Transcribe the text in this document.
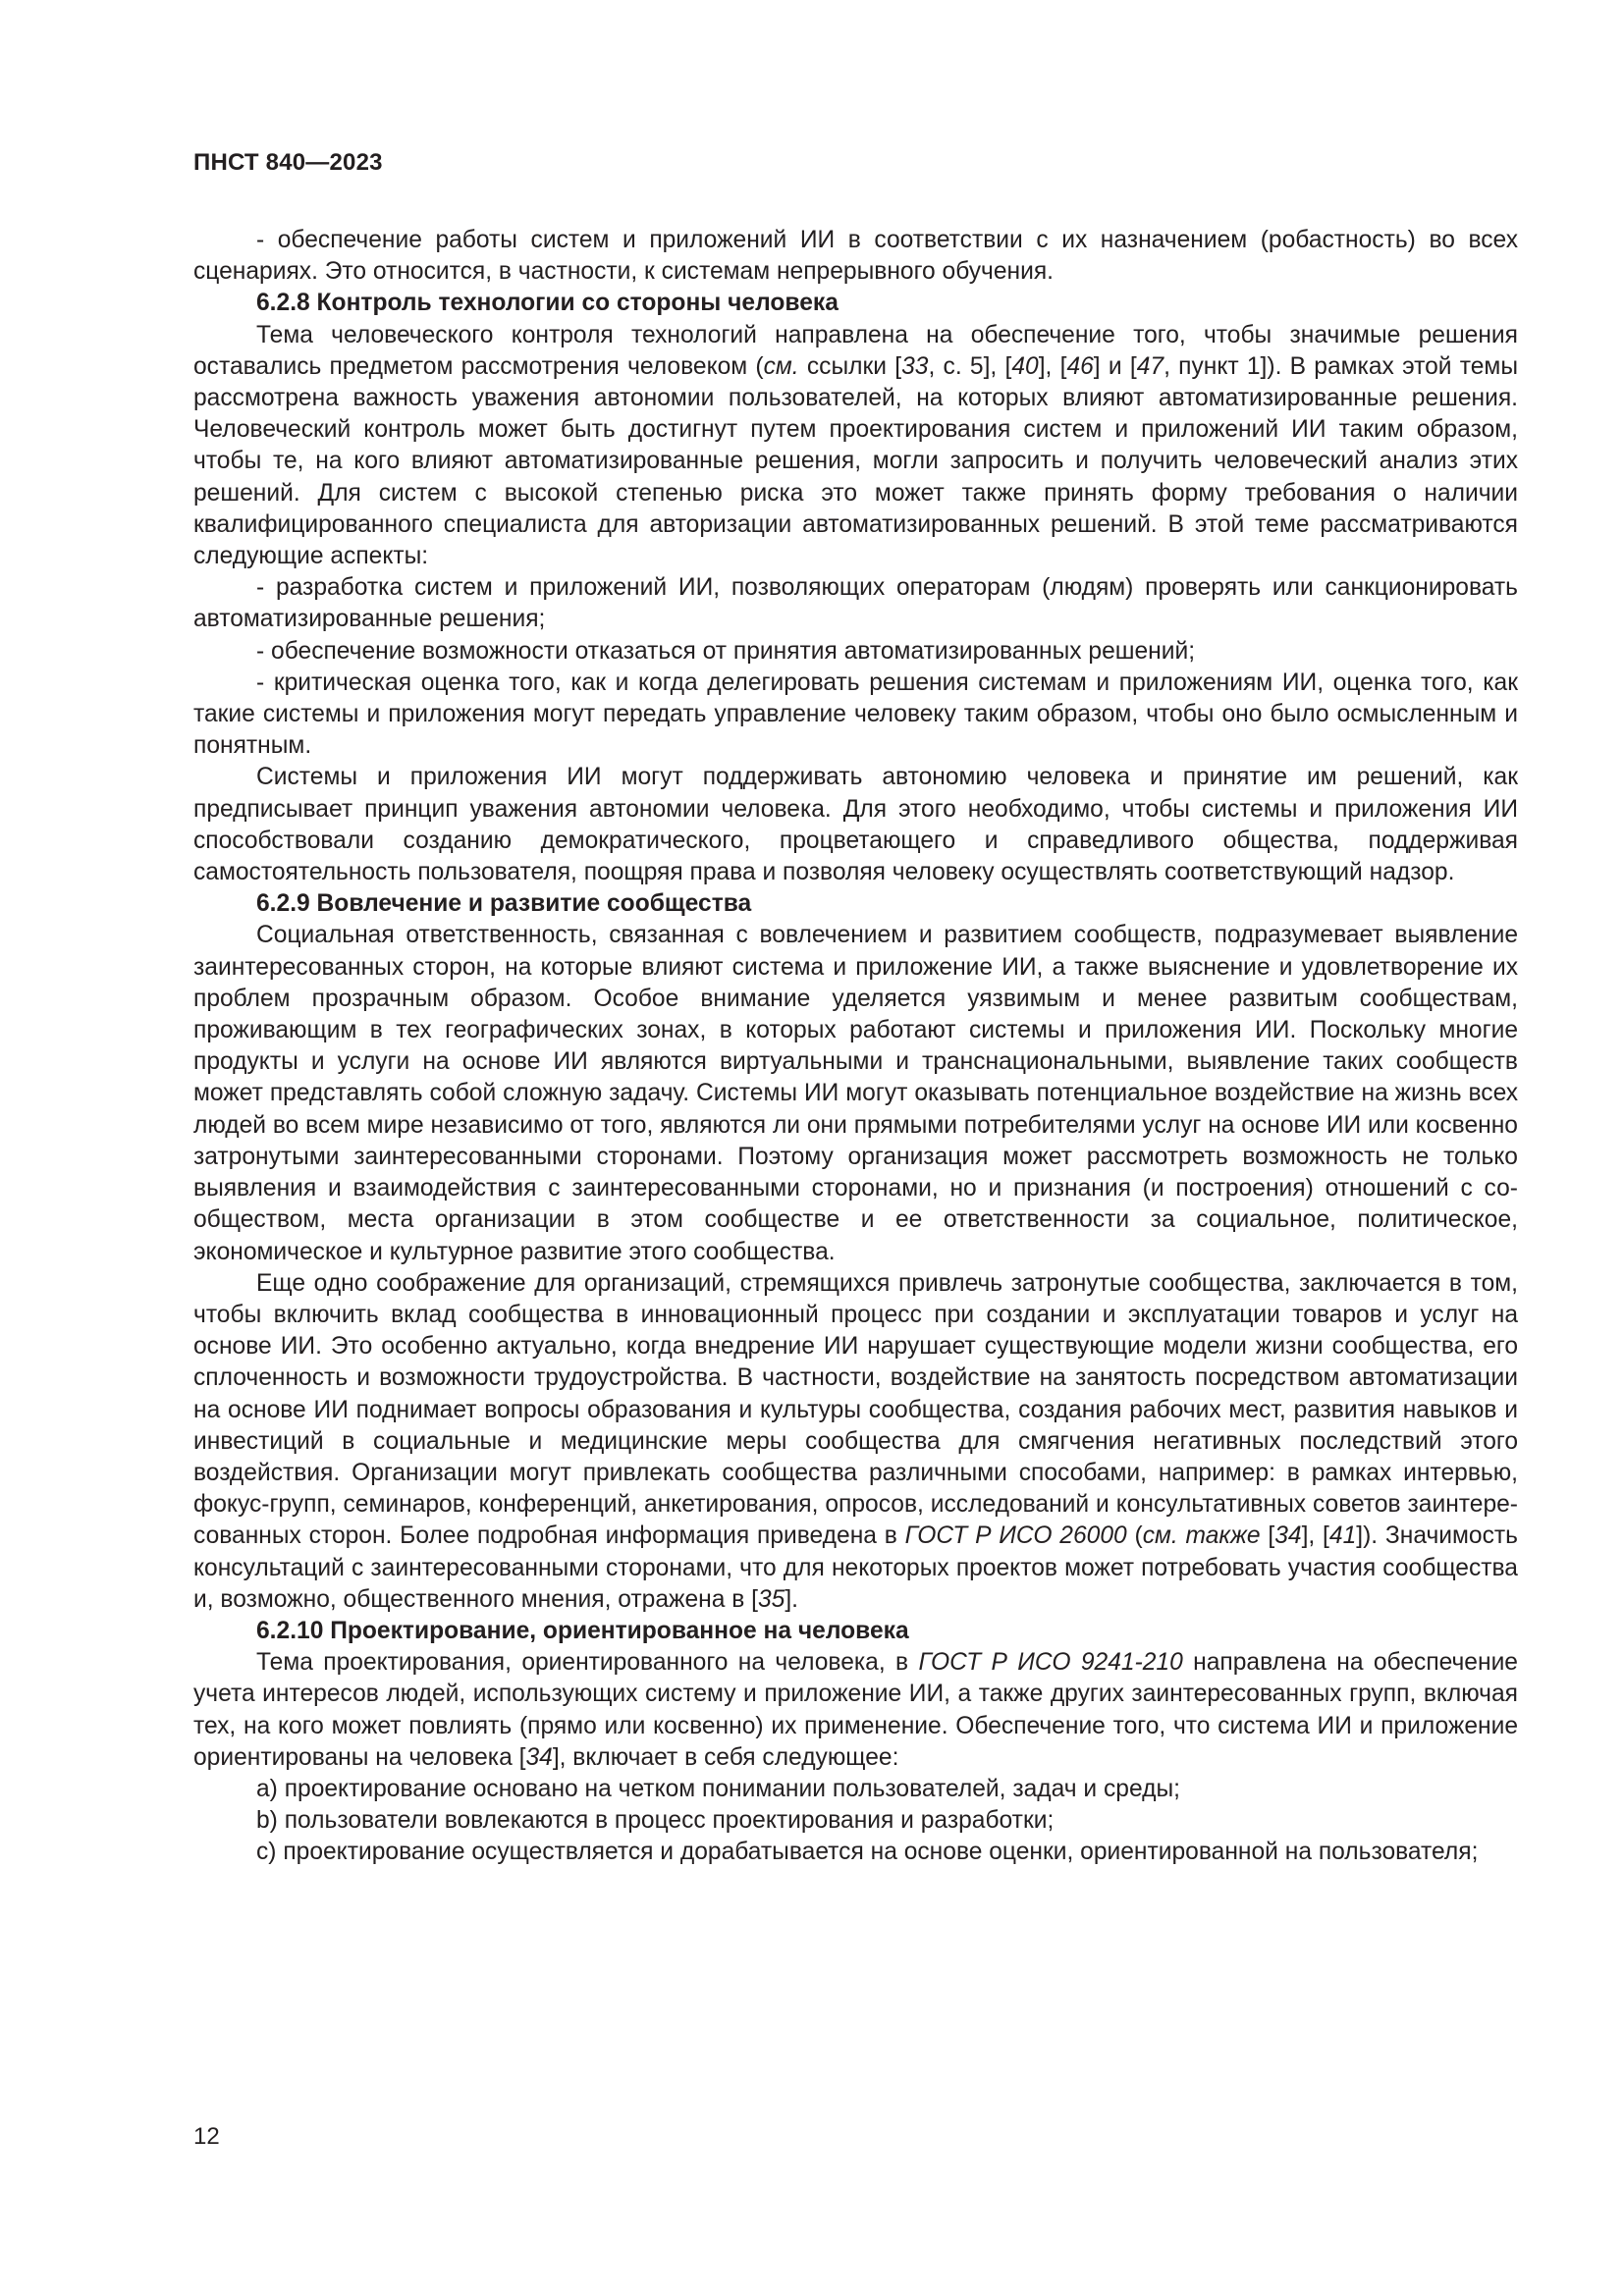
ПНСТ 840—2023

- обеспечение работы систем и приложений ИИ в соответствии с их назначением (робастность) во всех сценариях. Это относится, в частности, к системам непрерывного обучения.

6.2.8 Контроль технологии со стороны человека

Тема человеческого контроля технологий направлена на обеспечение того, чтобы значимые решения оставались предметом рассмотрения человеком (см. ссылки [33, с. 5], [40], [46] и [47, пункт 1]). В рамках этой темы рассмотрена важность уважения автономии пользователей, на которых влияют автоматизированные решения. Человеческий контроль может быть достигнут путем проектирования систем и приложений ИИ таким образом, чтобы те, на кого влияют автоматизированные решения, могли запросить и получить человеческий анализ этих решений. Для систем с высокой степенью риска это может также принять форму требования о наличии квалифицированного специалиста для авторизации автоматизированных решений. В этой теме рассматриваются следующие аспекты:

- разработка систем и приложений ИИ, позволяющих операторам (людям) проверять или санкционировать автоматизированные решения;

- обеспечение возможности отказаться от принятия автоматизированных решений;

- критическая оценка того, как и когда делегировать решения системам и приложениям ИИ, оценка того, как такие системы и приложения могут передать управление человеку таким образом, чтобы оно было осмысленным и понятным.

Системы и приложения ИИ могут поддерживать автономию человека и принятие им решений, как предписывает принцип уважения автономии человека. Для этого необходимо, чтобы системы и приложения ИИ способствовали созданию демократического, процветающего и справедливого общества, поддерживая самостоятельность пользователя, поощряя права и позволяя человеку осуществлять соответствующий надзор.

6.2.9 Вовлечение и развитие сообщества

Социальная ответственность, связанная с вовлечением и развитием сообществ, подразумевает выявление заинтересованных сторон, на которые влияют система и приложение ИИ, а также выяснение и удовлетворение их проблем прозрачным образом. Особое внимание уделяется уязвимым и менее развитым сообществам, проживающим в тех географических зонах, в которых работают системы и приложения ИИ. Поскольку многие продукты и услуги на основе ИИ являются виртуальными и транснациональными, выявление таких сообществ может представлять собой сложную задачу. Системы ИИ могут оказывать потенциальное воздействие на жизнь всех людей во всем мире независимо от того, являются ли они прямыми потребителями услуг на основе ИИ или косвенно затронутыми заинтересованными сторонами. Поэтому организация может рассмотреть возможность не только выявления и взаимодействия с заинтересованными сторонами, но и признания (и построения) отношений с сообществом, места организации в этом сообществе и ее ответственности за социальное, политическое, экономическое и культурное развитие этого сообщества.

Еще одно соображение для организаций, стремящихся привлечь затронутые сообщества, заключается в том, чтобы включить вклад сообщества в инновационный процесс при создании и эксплуатации товаров и услуг на основе ИИ. Это особенно актуально, когда внедрение ИИ нарушает существующие модели жизни сообщества, его сплоченность и возможности трудоустройства. В частности, воздействие на занятость посредством автоматизации на основе ИИ поднимает вопросы образования и культуры сообщества, создания рабочих мест, развития навыков и инвестиций в социальные и медицинские меры сообщества для смягчения негативных последствий этого воздействия. Организации могут привлекать сообщества различными способами, например: в рамках интервью, фокус-групп, семинаров, конференций, анкетирования, опросов, исследований и консультативных советов заинтересованных сторон. Более подробная информация приведена в ГОСТ Р ИСО 26000 (см. также [34], [41]). Значимость консультаций с заинтересованными сторонами, что для некоторых проектов может потребовать участия сообщества и, возможно, общественного мнения, отражена в [35].

6.2.10 Проектирование, ориентированное на человека

Тема проектирования, ориентированного на человека, в ГОСТ Р ИСО 9241-210 направлена на обеспечение учета интересов людей, использующих систему и приложение ИИ, а также других заинтересованных групп, включая тех, на кого может повлиять (прямо или косвенно) их применение. Обеспечение того, что система ИИ и приложение ориентированы на человека [34], включает в себя следующее:

а) проектирование основано на четком понимании пользователей, задач и среды;

b) пользователи вовлекаются в процесс проектирования и разработки;

с) проектирование осуществляется и дорабатывается на основе оценки, ориентированной на пользователя;

12
